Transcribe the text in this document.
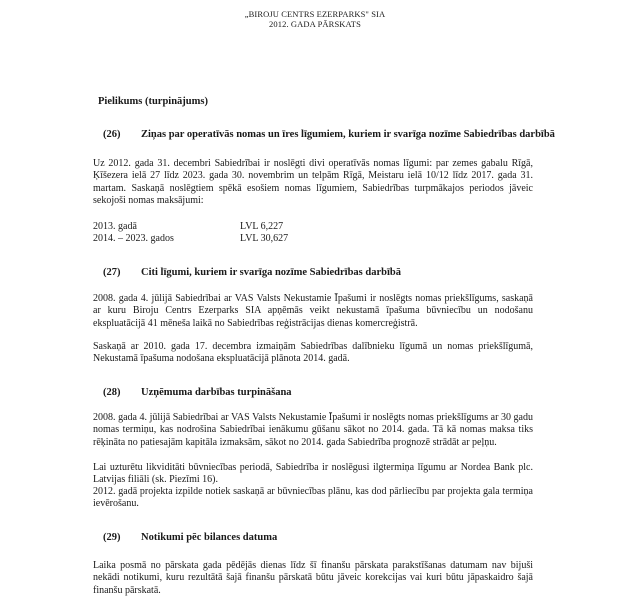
„BIROJU CENTRS EZERPARKS" SIA
2012. GADA PĀRSKATS
Pielikums (turpinājums)
(26) Ziņas par operatīvās nomas un īres līgumiem, kuriem ir svarīga nozīme Sabiedrības darbībā
Uz 2012. gada 31. decembri Sabiedrībai ir noslēgti divi operatīvās nomas līgumi: par zemes gabalu Rīgā, Ķīšezera ielā 27 līdz 2023. gada 30. novembrim un telpām Rīgā, Meistaru ielā 10/12 līdz 2017. gada 31. martam. Saskaņā noslēgtiem spēkā esošiem nomas līgumiem, Sabiedrības turpmākajos periodos jāveic sekojoši nomas maksājumi:
2013. gadā	LVL 6,227
2014. – 2023. gados	LVL 30,627
(27) Citi līgumi, kuriem ir svarīga nozīme Sabiedrības darbībā
2008. gada 4. jūlijā Sabiedrībai ar VAS Valsts Nekustamie Īpašumi ir noslēgts nomas priekšlīgums, saskaņā ar kuru Biroju Centrs Ezerparks SIA apņēmās veikt nekustamā īpašuma būvniecību un nodošanu ekspluatācijā 41 mēneša laikā no Sabiedrības reģistrācijas dienas komercreģistrā.
Saskaņā ar 2010. gada 17. decembra izmaiņām Sabiedrības dalībnieku līgumā un nomas priekšlīgumā, Nekustamā īpašuma nodošana ekspluatācijā plānota 2014. gadā.
(28) Uzņēmuma darbības turpināšana
2008. gada 4. jūlijā Sabiedrībai ar VAS Valsts Nekustamie Īpašumi ir noslēgts nomas priekšlīgums ar 30 gadu nomas termiņu, kas nodrošina Sabiedrībai ienākumu gūšanu sākot no 2014. gada. Tā kā nomas maksa tiks rēķināta no patiesajām kapitāla izmaksām, sākot no 2014. gada Sabiedrība prognozē strādāt ar peļņu.
Lai uzturētu likviditāti būvniecības periodā, Sabiedrība ir noslēgusi ilgtermiņa līgumu ar Nordea Bank plc. Latvijas filiāli (sk. Piezīmi 16).
2012. gadā projekta izpilde notiek saskaņā ar būvniecības plānu, kas dod pārliecību par projekta gala termiņa ievērošanu.
(29) Notikumi pēc bilances datuma
Laika posmā no pārskata gada pēdējās dienas līdz šī finanšu pārskata parakstīšanas datumam nav bijuši nekādi notikumi, kuru rezultātā šajā finanšu pārskatā būtu jāveic korekcijas vai kuri būtu jāpaskaidro šajā finanšu pārskatā.
